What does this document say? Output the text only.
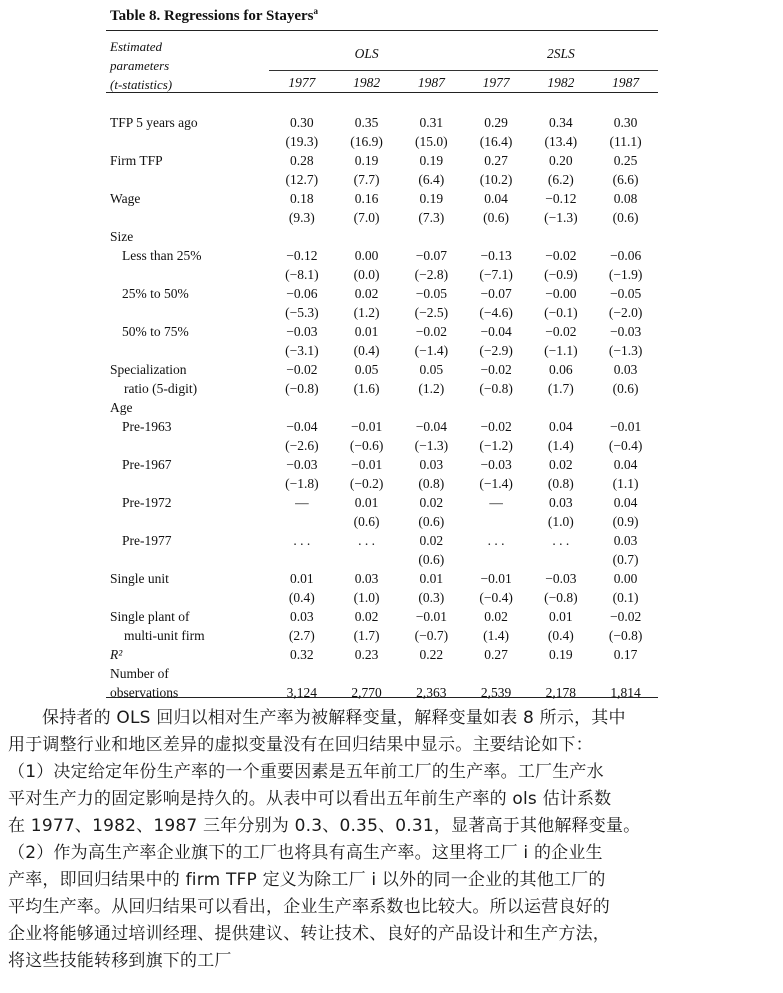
Table 8. Regressions for Stayers$^a$
Estimated
parameters
(t-statistics)	OLS			2SLS		
	1977	1982	1987	1977	1982	1987

TFP 5 years ago	0.30	0.35	0.31	0.29	0.34	0.30
	(19.3)	(16.9)	(15.0)	(16.4)	(13.4)	(11.1)
Firm TFP	0.28	0.19	0.19	0.27	0.20	0.25
	(12.7)	(7.7)	(6.4)	(10.2)	(6.2)	(6.6)
Wage	0.18	0.16	0.19	0.04	−0.12	0.08
	(9.3)	(7.0)	(7.3)	(0.6)	(−1.3)	(0.6)
Size						
Less than 25%	−0.12	0.00	−0.07	−0.13	−0.02	−0.06
	(−8.1)	(0.0)	(−2.8)	(−7.1)	(−0.9)	(−1.9)
25% to 50%	−0.06	0.02	−0.05	−0.07	−0.00	−0.05
	(−5.3)	(1.2)	(−2.5)	(−4.6)	(−0.1)	(−2.0)
50% to 75%	−0.03	0.01	−0.02	−0.04	−0.02	−0.03
	(−3.1)	(0.4)	(−1.4)	(−2.9)	(−1.1)	(−1.3)
Specialization	−0.02	0.05	0.05	−0.02	0.06	0.03
ratio (5-digit)	(−0.8)	(1.6)	(1.2)	(−0.8)	(1.7)	(0.6)
Age						
Pre-1963	−0.04	−0.01	−0.04	−0.02	0.04	−0.01
	(−2.6)	(−0.6)	(−1.3)	(−1.2)	(1.4)	(−0.4)
Pre-1967	−0.03	−0.01	0.03	−0.03	0.02	0.04
	(−1.8)	(−0.2)	(0.8)	(−1.4)	(0.8)	(1.1)
Pre-1972	—	0.01	0.02	—	0.03	0.04
		(0.6)	(0.6)		(1.0)	(0.9)
Pre-1977	. . .	. . .	0.02	. . .	. . .	0.03
			(0.6)			(0.7)
Single unit	0.01	0.03	0.01	−0.01	−0.03	0.00
	(0.4)	(1.0)	(0.3)	(−0.4)	(−0.8)	(0.1)
Single plant of	0.03	0.02	−0.01	0.02	0.01	−0.02
multi-unit firm	(2.7)	(1.7)	(−0.7)	(1.4)	(0.4)	(−0.8)
R²	0.32	0.23	0.22	0.27	0.19	0.17
Number of						
observations	3,124	2,770	2,363	2,539	2,178	1,814

保持者的 OLS 回归以相对生产率为被解释变量，解释变量如表 8 所示，其中

用于调整行业和地区差异的虚拟变量没有在回归结果中显示。主要结论如下：

（1）决定给定年份生产率的一个重要因素是五年前工厂的生产率。工厂生产水

平对生产力的固定影响是持久的。从表中可以看出五年前生产率的 ols 估计系数

在 1977、1982、1987 三年分别为 0.3、0.35、0.31，显著高于其他解释变量。

（2）作为高生产率企业旗下的工厂也将具有高生产率。这里将工厂 i 的企业生

产率，即回归结果中的 firm TFP 定义为除工厂 i 以外的同一企业的其他工厂的

平均生产率。从回归结果可以看出，企业生产率系数也比较大。所以运营良好的

企业将能够通过培训经理、提供建议、转让技术、良好的产品设计和生产方法，

将这些技能转移到旗下的工厂
